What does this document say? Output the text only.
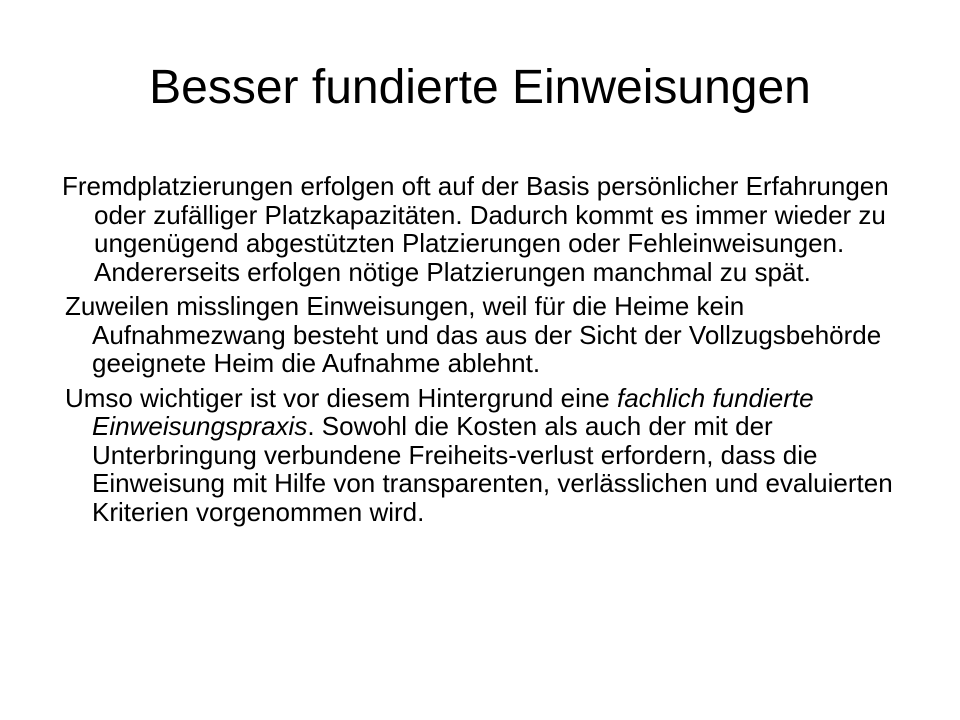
Besser fundierte Einweisungen

Fremdplatzierungen erfolgen oft auf der Basis persönlicher Erfahrungen oder zufälliger Platzkapazitäten. Dadurch kommt es immer wieder zu ungenügend abgestützten Platzierungen oder Fehleinweisungen. Andererseits erfolgen nötige Platzierungen manchmal zu spät.

Zuweilen misslingen Einweisungen, weil für die Heime kein Aufnahmezwang besteht und das aus der Sicht der Vollzugsbehörde geeignete Heim die Aufnahme ablehnt.

Umso wichtiger ist vor diesem Hintergrund eine fachlich fundierte Einweisungspraxis. Sowohl die Kosten als auch der mit der Unterbringung verbundene Freiheits-verlust erfordern, dass die Einweisung mit Hilfe von transparenten, verlässlichen und evaluierten Kriterien vorgenommen wird.
